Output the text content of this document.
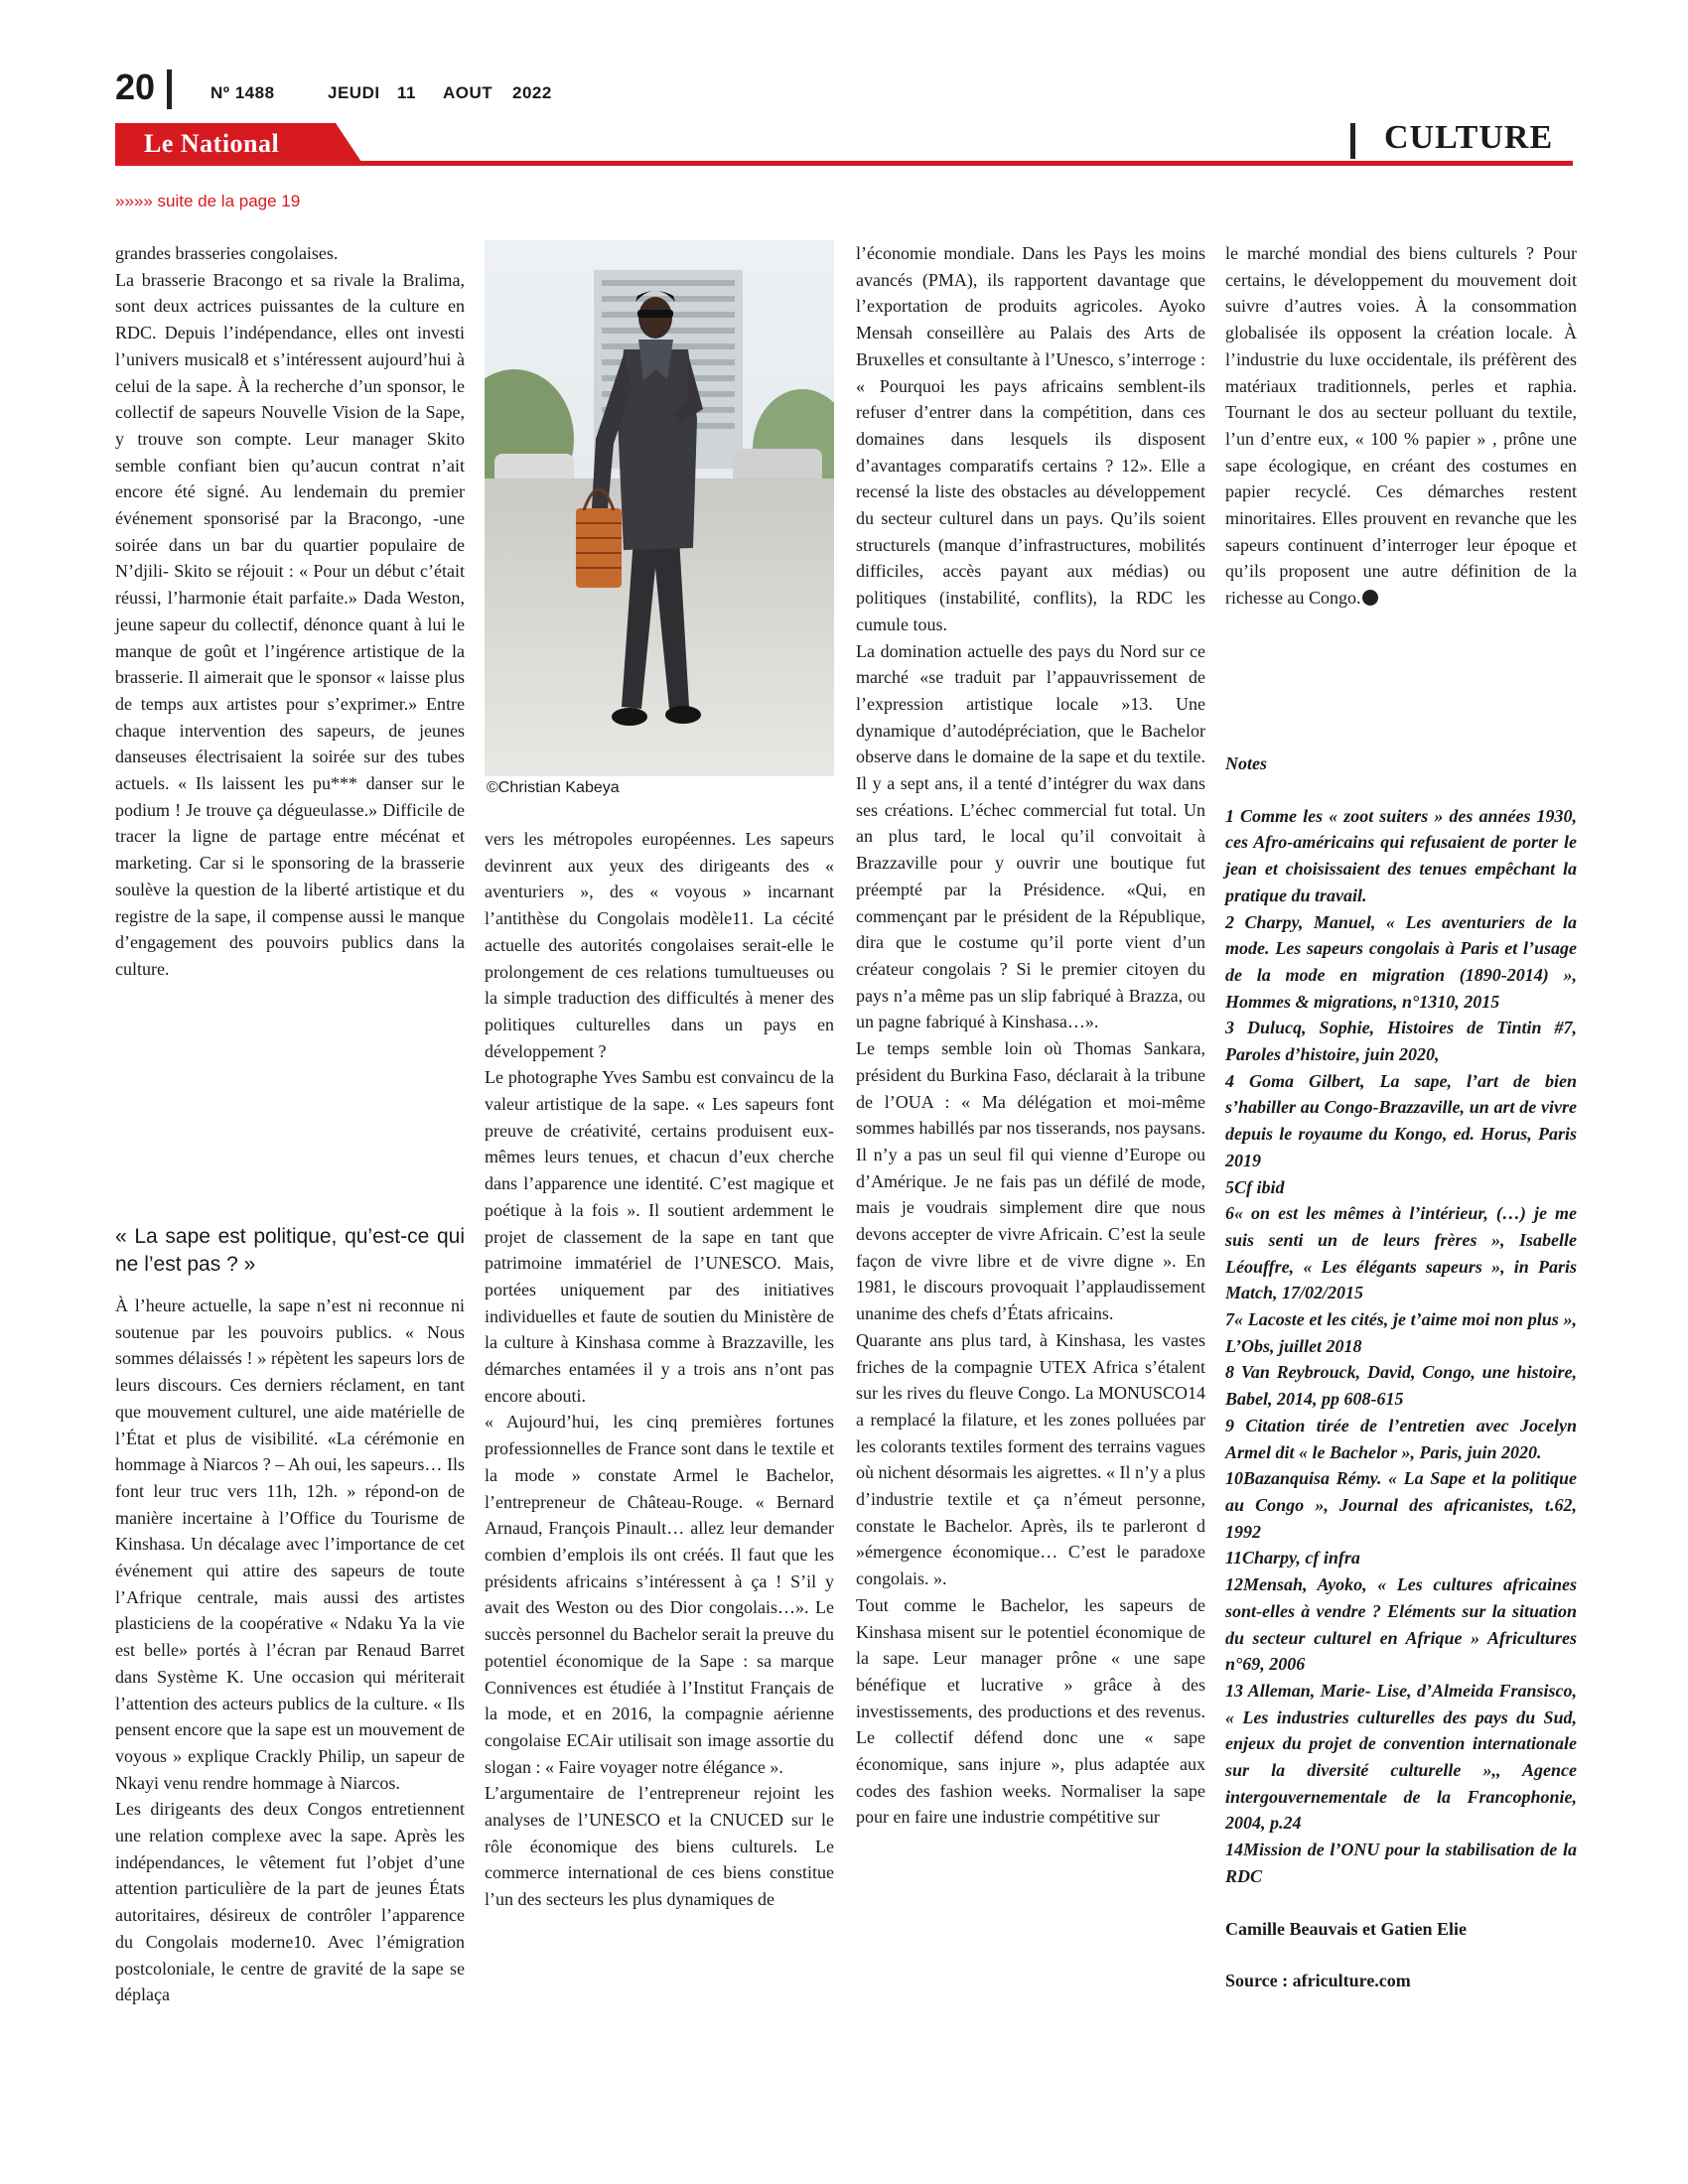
20	Nº 1488	JEUDI 11 AOUT 2022
Le National	CULTURE
»»»» suite de la page 19

grandes brasseries congolaises.

La brasserie Bracongo et sa rivale la Bralima, sont deux actrices puissantes de la culture en RDC. Depuis l’indépendance, elles ont investi l’univers musical8 et s’intéressent aujourd’hui à celui de la sape. À la recherche d’un sponsor, le collectif de sapeurs Nouvelle Vision de la Sape, y trouve son compte. Leur manager Skito semble confiant bien qu’aucun contrat n’ait encore été signé. Au lendemain du premier événement sponsorisé par la Bracongo, -une soirée dans un bar du quartier populaire de N’djili- Skito se réjouit : « Pour un début c’était réussi, l’harmonie était parfaite.» Dada Weston, jeune sapeur du collectif, dénonce quant à lui le manque de goût et l’ingérence artistique de la brasserie. Il aimerait que le sponsor « laisse plus de temps aux artistes pour s’exprimer.» Entre chaque intervention des sapeurs, de jeunes danseuses électrisaient la soirée sur des tubes actuels. « Ils laissent les pu*** danser sur le podium ! Je trouve ça dégueulasse.» Difficile de tracer la ligne de partage entre mécénat et marketing. Car si le sponsoring de la brasserie soulève la question de la liberté artistique et du registre de la sape, il compense aussi le manque d’engagement des pouvoirs publics dans la culture.

« La sape est politique, qu’est-ce qui ne l’est pas ? »

À l’heure actuelle, la sape n’est ni reconnue ni soutenue par les pouvoirs publics. « Nous sommes délaissés ! » répètent les sapeurs lors de leurs discours. Ces derniers réclament, en tant que mouvement culturel, une aide matérielle de l’État et plus de visibilité. «La cérémonie en hommage à Niarcos ? – Ah oui, les sapeurs… Ils font leur truc vers 11h, 12h. » répond-on de manière incertaine à l’Office du Tourisme de Kinshasa. Un décalage avec l’importance de cet événement qui attire des sapeurs de toute l’Afrique centrale, mais aussi des artistes plasticiens de la coopérative « Ndaku Ya la vie est belle» portés à l’écran par Renaud Barret dans Système K. Une occasion qui mériterait l’attention des acteurs publics de la culture. « Ils pensent encore que la sape est un mouvement de voyous » explique Crackly Philip, un sapeur de Nkayi venu rendre hommage à Niarcos.

Les dirigeants des deux Congos entretiennent une relation complexe avec la sape. Après les indépendances, le vêtement fut l’objet d’une attention particulière de la part de jeunes États autoritaires, désireux de contrôler l’apparence du Congolais moderne10. Avec l’émigration postcoloniale, le centre de gravité de la sape se déplaça

©Christian Kabeya

vers les métropoles européennes. Les sapeurs devinrent aux yeux des dirigeants des « aventuriers », des « voyous » incarnant l’antithèse du Congolais modèle11. La cécité actuelle des autorités congolaises serait-elle le prolongement de ces relations tumultueuses ou la simple traduction des difficultés à mener des politiques culturelles dans un pays en développement ?

Le photographe Yves Sambu est convaincu de la valeur artistique de la sape. « Les sapeurs font preuve de créativité, certains produisent eux-mêmes leurs tenues, et chacun d’eux cherche dans l’apparence une identité. C’est magique et poétique à la fois ». Il soutient ardemment le projet de classement de la sape en tant que patrimoine immatériel de l’UNESCO. Mais, portées uniquement par des initiatives individuelles et faute de soutien du Ministère de la culture à Kinshasa comme à Brazzaville, les démarches entamées il y a trois ans n’ont pas encore abouti.

« Aujourd’hui, les cinq premières fortunes professionnelles de France sont dans le textile et la mode » constate Armel le Bachelor, l’entrepreneur de Château-Rouge. « Bernard Arnaud, François Pinault… allez leur demander combien d’emplois ils ont créés. Il faut que les présidents africains s’intéressent à ça ! S’il y avait des Weston ou des Dior congolais…». Le succès personnel du Bachelor serait la preuve du potentiel économique de la Sape : sa marque Connivences est étudiée à l’Institut Français de la mode, et en 2016, la compagnie aérienne congolaise ECAir utilisait son image assortie du slogan : « Faire voyager notre élégance ».

L’argumentaire de l’entrepreneur rejoint les analyses de l’UNESCO et la CNUCED sur le rôle économique des biens culturels. Le commerce international de ces biens constitue l’un des secteurs les plus dynamiques de

l’économie mondiale. Dans les Pays les moins avancés (PMA), ils rapportent davantage que l’exportation de produits agricoles. Ayoko Mensah conseillère au Palais des Arts de Bruxelles et consultante à l’Unesco, s’interroge : « Pourquoi les pays africains semblent-ils refuser d’entrer dans la compétition, dans ces domaines dans lesquels ils disposent d’avantages comparatifs certains ? 12». Elle a recensé la liste des obstacles au développement du secteur culturel dans un pays. Qu’ils soient structurels (manque d’infrastructures, mobilités difficiles, accès payant aux médias) ou politiques (instabilité, conflits), la RDC les cumule tous.

La domination actuelle des pays du Nord sur ce marché «se traduit par l’appauvrissement de l’expression artistique locale »13. Une dynamique d’autodépréciation, que le Bachelor observe dans le domaine de la sape et du textile. Il y a sept ans, il a tenté d’intégrer du wax dans ses créations. L’échec commercial fut total. Un an plus tard, le local qu’il convoitait à Brazzaville pour y ouvrir une boutique fut préempté par la Présidence. «Qui, en commençant par le président de la République, dira que le costume qu’il porte vient d’un créateur congolais ? Si le premier citoyen du pays n’a même pas un slip fabriqué à Brazza, ou un pagne fabriqué à Kinshasa…».

Le temps semble loin où Thomas Sankara, président du Burkina Faso, déclarait à la tribune de l’OUA : « Ma délégation et moi-même sommes habillés par nos tisserands, nos paysans. Il n’y a pas un seul fil qui vienne d’Europe ou d’Amérique. Je ne fais pas un défilé de mode, mais je voudrais simplement dire que nous devons accepter de vivre Africain. C’est la seule façon de vivre libre et de vivre digne ». En 1981, le discours provoquait l’applaudissement unanime des chefs d’États africains.

Quarante ans plus tard, à Kinshasa, les vastes friches de la compagnie UTEX Africa s’étalent sur les rives du fleuve Congo. La MONUSCO14 a remplacé la filature, et les zones polluées par les colorants textiles forment des terrains vagues où nichent désormais les aigrettes. « Il n’y a plus d’industrie textile et ça n’émeut personne, constate le Bachelor. Après, ils te parleront d »émergence économique… C’est le paradoxe congolais. ».

Tout comme le Bachelor, les sapeurs de Kinshasa misent sur le potentiel économique de la sape. Leur manager prône « une sape bénéfique et lucrative » grâce à des investissements, des productions et des revenus. Le collectif défend donc une « sape économique, sans injure », plus adaptée aux codes des fashion weeks. Normaliser la sape pour en faire une industrie compétitive sur

le marché mondial des biens culturels ? Pour certains, le développement du mouvement doit suivre d’autres voies. À la consommation globalisée ils opposent la création locale. À l’industrie du luxe occidentale, ils préfèrent des matériaux traditionnels, perles et raphia. Tournant le dos au secteur polluant du textile, l’un d’entre eux, « 100 % papier » , prône une sape écologique, en créant des costumes en papier recyclé. Ces démarches restent minoritaires. Elles prouvent en revanche que les sapeurs continuent d’interroger leur époque et qu’ils proposent une autre définition de la richesse au Congo.

Notes

1 Comme les « zoot suiters » des années 1930, ces Afro-américains qui refusaient de porter le jean et choisissaient des tenues empêchant la pratique du travail.

2 Charpy, Manuel, « Les aventuriers de la mode. Les sapeurs congolais à Paris et l’usage de la mode en migration (1890-2014) », Hommes & migrations, n°1310, 2015

3 Dulucq, Sophie, Histoires de Tintin #7, Paroles d’histoire, juin 2020,

4 Goma Gilbert, La sape, l’art de bien s’habiller au Congo-Brazzaville, un art de vivre depuis le royaume du Kongo, ed. Horus, Paris 2019

5Cf ibid

6« on est les mêmes à l’intérieur, (…) je me suis senti un de leurs frères », Isabelle Léouffre, « Les élégants sapeurs », in Paris Match, 17/02/2015

7« Lacoste et les cités, je t’aime moi non plus », L’Obs, juillet 2018

8 Van Reybrouck, David, Congo, une histoire, Babel, 2014, pp 608-615

9 Citation tirée de l’entretien avec Jocelyn Armel dit « le Bachelor », Paris, juin 2020.

10Bazanquisa Rémy. « La Sape et la politique au Congo », Journal des africanistes, t.62, 1992

11Charpy, cf infra

12Mensah, Ayoko, « Les cultures africaines sont-elles à vendre ? Eléments sur la situation du secteur culturel en Afrique » Africultures n°69, 2006

13 Alleman, Marie- Lise, d’Almeida Fransisco, « Les industries culturelles des pays du Sud, enjeux du projet de convention internationale sur la diversité culturelle »,, Agence intergouvernementale de la Francophonie, 2004, p.24

14Mission de l’ONU pour la stabilisation de la RDC

Camille Beauvais et Gatien Elie

Source : africulture.com
